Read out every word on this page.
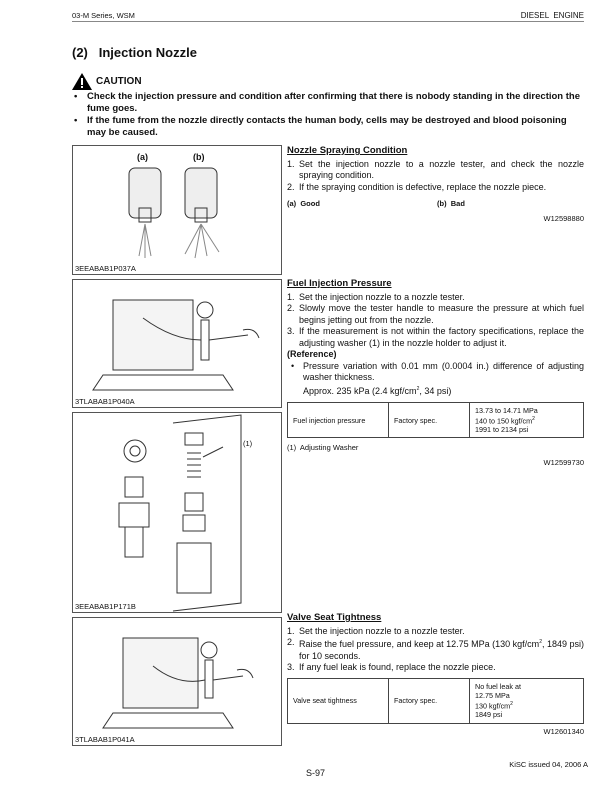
03-M Series, WSM	DIESEL  ENGINE
(2)   Injection Nozzle
CAUTION
•	Check the injection pressure and condition after confirming that there is nobody standing in the direction the fume goes.
•	If the fume from the nozzle directly contacts the human body, cells may be destroyed and blood poisoning may be caused.
(a)	(b)
3EEABAB1P037A
3TLABAB1P040A
(1)
3EEABAB1P171B
3TLABAB1P041A
Nozzle Spraying Condition
1. Set the injection nozzle to a nozzle tester, and check the nozzle spraying condition.
2. If the spraying condition is defective, replace the nozzle piece.
(a)  Good	(b)  Bad
W12598880
Fuel Injection Pressure
1. Set the injection nozzle to a nozzle tester.
2. Slowly move the tester handle to measure the pressure at which fuel begins jetting out from the nozzle.
3. If the measurement is not within the factory specifications, replace the adjusting washer (1) in the nozzle holder to adjust it.
(Reference)
• Pressure variation with 0.01 mm (0.0004 in.) difference of adjusting washer thickness.
Approx. 235 kPa (2.4 kgf/$cm^2$, 34 psi)
Fuel injection pressure	Factory spec.	
13.73 to 14.71 MPa
140 to 150 kgf/$cm^2$
1991 to 2134 psi
(1)  Adjusting Washer
W12599730
Valve Seat Tightness
1. Set the injection nozzle to a nozzle tester.
2. Raise the fuel pressure, and keep at 12.75 MPa (130 kgf/$cm^2$, 1849 psi) for 10 seconds.
3. If any fuel leak is found, replace the nozzle piece.
Valve seat tightness	Factory spec.	
No fuel leak at
12.75 MPa
130 kgf/$cm^2$
1849 psi
W12601340
S-97
KiSC issued 04, 2006 A
